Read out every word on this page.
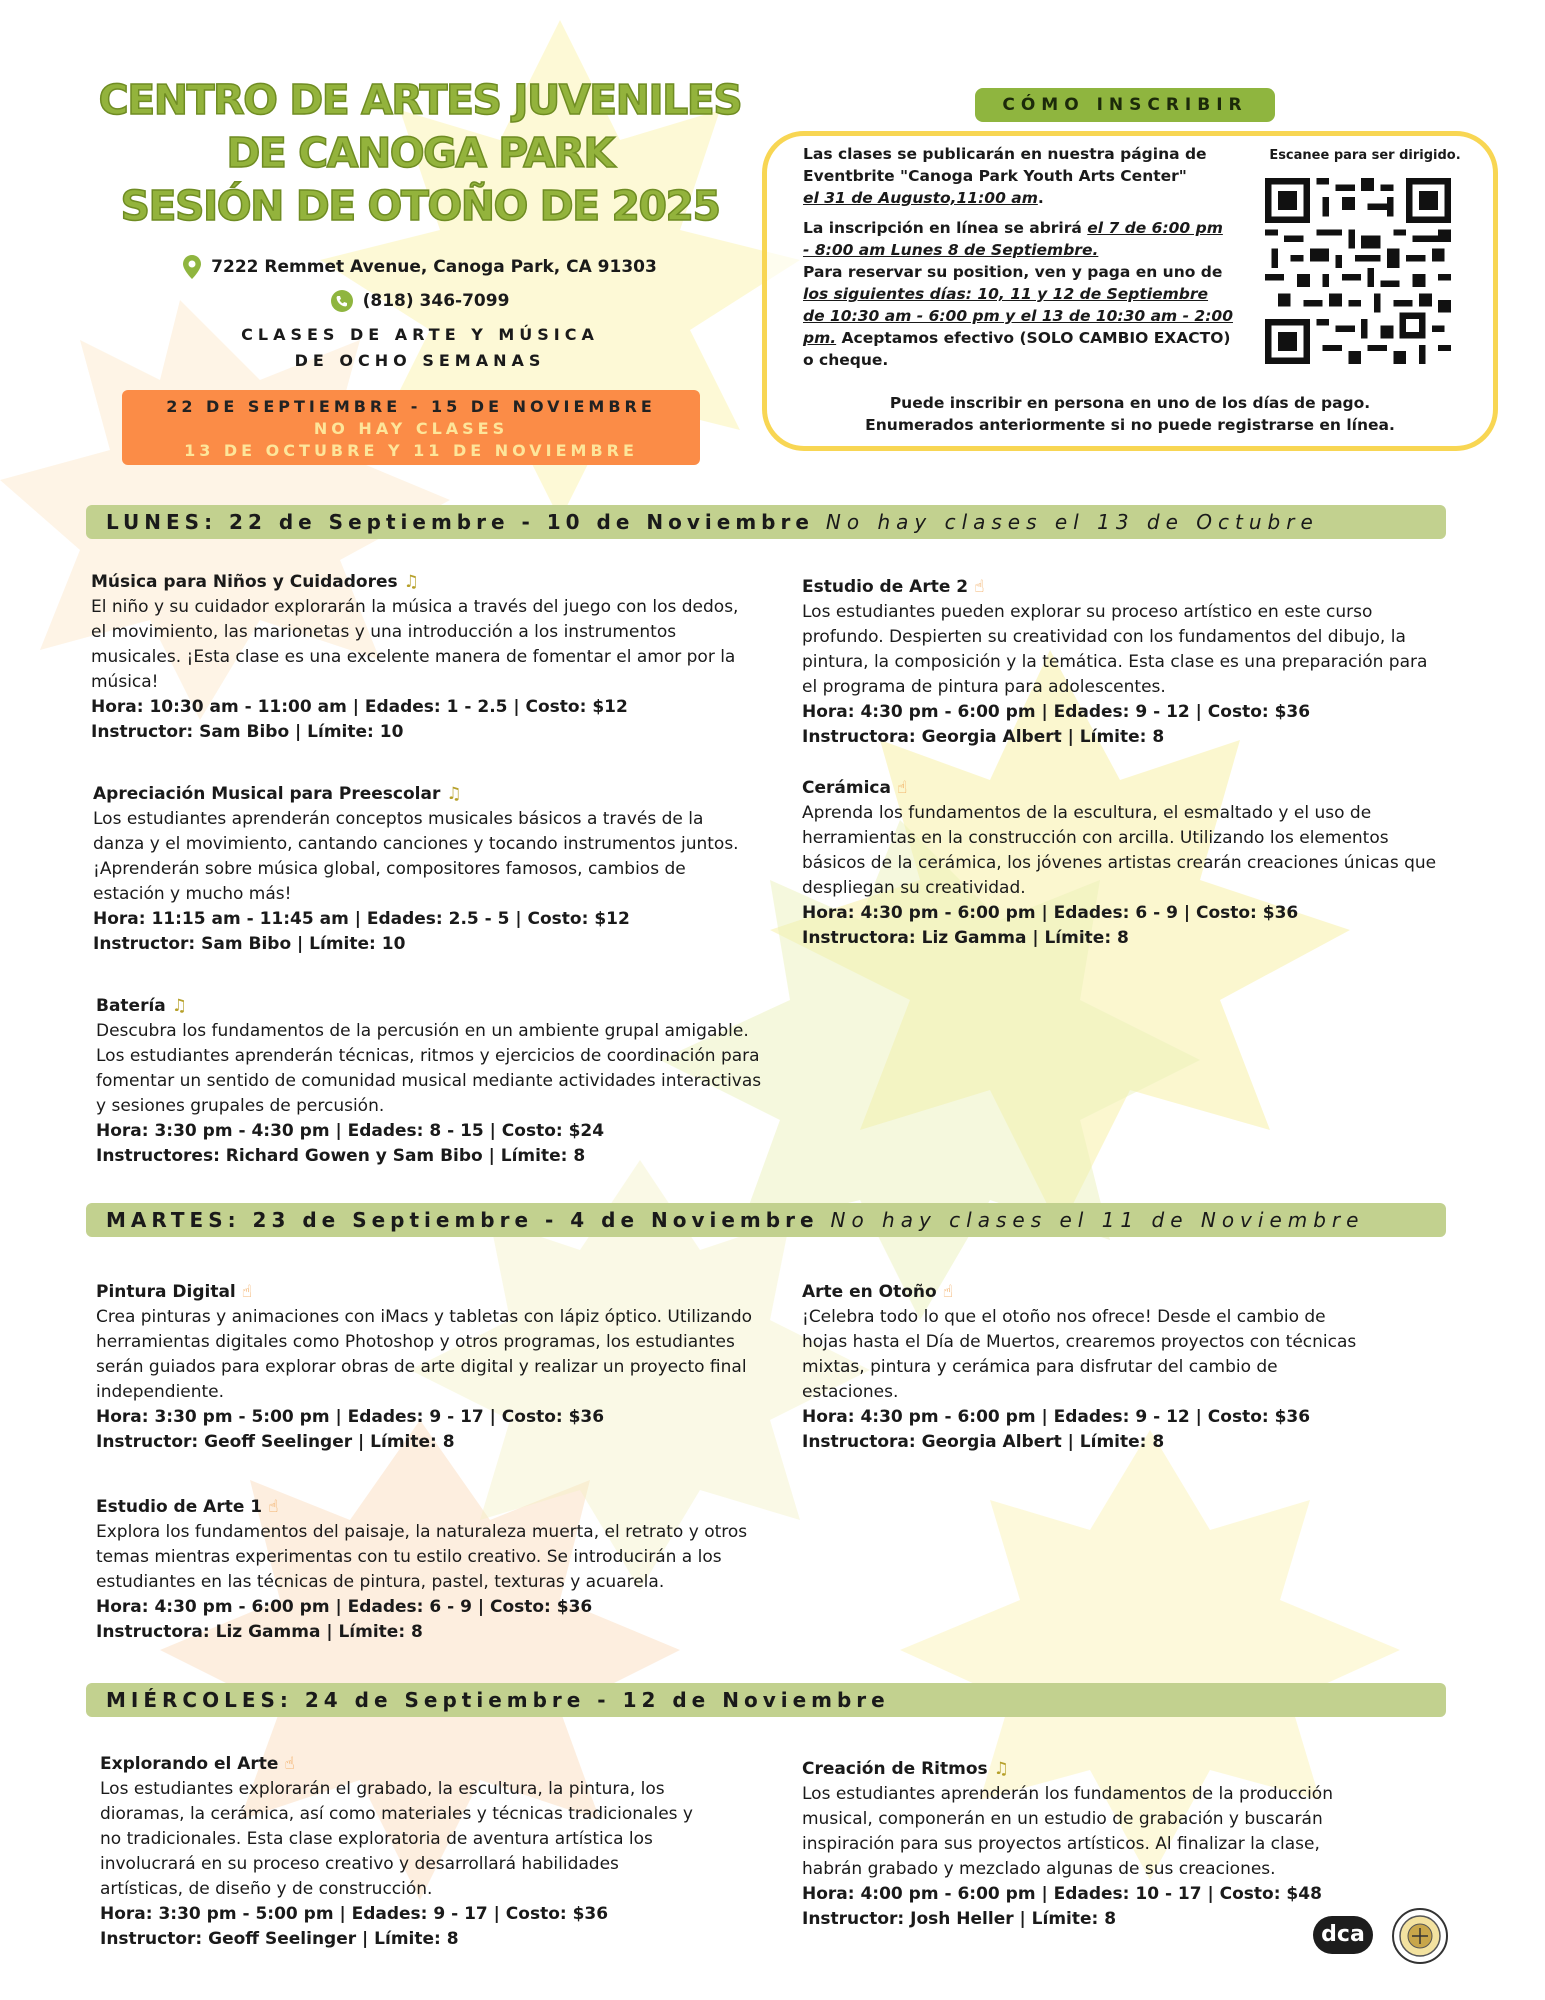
CENTRO DE ARTES JUVENILES
DE CANOGA PARK
SESIÓN DE OTOÑO DE 2025
7222 Remmet Avenue, Canoga Park, CA 91303
(818) 346-7099
CLASES DE ARTE Y MÚSICA
DE OCHO SEMANAS
22 DE SEPTIEMBRE - 15 DE NOVIEMBRE
NO HAY CLASES
13 DE OCTUBRE Y 11 DE NOVIEMBRE
CÓMO INSCRIBIR

Las clases se publicarán en nuestra página de Eventbrite "Canoga Park Youth Arts Center"
el 31 de Augusto,11:00 am.

La inscripción en línea se abrirá el 7 de 6:00 pm - 8:00 am Lunes 8 de Septiembre.
Para reservar su position, ven y paga en uno de los siguientes días: 10, 11 y 12 de Septiembre de 10:30 am - 6:00 pm y el 13 de 10:30 am - 2:00 pm. Aceptamos efectivo (SOLO CAMBIO EXACTO) o cheque.

Escanee para ser dirigido.
Puede inscribir en persona en uno de los días de pago.
Enumerados anteriormente si no puede registrarse en línea.
LUNES: 22 de Septiembre - 10 de Noviembre No hay clases el 13 de Octubre
MARTES: 23 de Septiembre - 4 de Noviembre No hay clases el 11 de Noviembre
MIÉRCOLES: 24 de Septiembre - 12 de Noviembre
Música para Niños y Cuidadores ♫
El niño y su cuidador explorarán la música a través del juego con los dedos, el movimiento, las marionetas y una introducción a los instrumentos musicales. ¡Esta clase es una excelente manera de fomentar el amor por la música!
Hora: 10:30 am - 11:00 am | Edades: 1 - 2.5 | Costo: $12
Instructor: Sam Bibo | Límite: 10
Apreciación Musical para Preescolar ♫
Los estudiantes aprenderán conceptos musicales básicos a través de la danza y el movimiento, cantando canciones y tocando instrumentos juntos. ¡Aprenderán sobre música global, compositores famosos, cambios de estación y mucho más!
Hora: 11:15 am - 11:45 am | Edades: 2.5 - 5 | Costo: $12
Instructor: Sam Bibo | Límite: 10
Batería ♫
Descubra los fundamentos de la percusión en un ambiente grupal amigable. Los estudiantes aprenderán técnicas, ritmos y ejercicios de coordinación para fomentar un sentido de comunidad musical mediante actividades interactivas y sesiones grupales de percusión.
Hora: 3:30 pm - 4:30 pm | Edades: 8 - 15 | Costo: $24
Instructores: Richard Gowen y Sam Bibo | Límite: 8
Estudio de Arte 2 ☝
Los estudiantes pueden explorar su proceso artístico en este curso profundo. Despierten su creatividad con los fundamentos del dibujo, la pintura, la composición y la temática. Esta clase es una preparación para el programa de pintura para adolescentes.
Hora: 4:30 pm - 6:00 pm | Edades: 9 - 12 | Costo: $36
Instructora: Georgia Albert | Límite: 8
Cerámica ☝
Aprenda los fundamentos de la escultura, el esmaltado y el uso de herramientas en la construcción con arcilla. Utilizando los elementos básicos de la cerámica, los jóvenes artistas crearán creaciones únicas que despliegan su creatividad.
Hora: 4:30 pm - 6:00 pm | Edades: 6 - 9 | Costo: $36
Instructora: Liz Gamma | Límite: 8
Pintura Digital ☝
Crea pinturas y animaciones con iMacs y tabletas con lápiz óptico. Utilizando herramientas digitales como Photoshop y otros programas, los estudiantes serán guiados para explorar obras de arte digital y realizar un proyecto final independiente.
Hora: 3:30 pm - 5:00 pm | Edades: 9 - 17 | Costo: $36
Instructor: Geoff Seelinger | Límite: 8
Estudio de Arte 1 ☝
Explora los fundamentos del paisaje, la naturaleza muerta, el retrato y otros temas mientras experimentas con tu estilo creativo. Se introducirán a los estudiantes en las técnicas de pintura, pastel, texturas y acuarela.
Hora: 4:30 pm - 6:00 pm | Edades: 6 - 9 | Costo: $36
Instructora: Liz Gamma | Límite: 8
Arte en Otoño ☝
¡Celebra todo lo que el otoño nos ofrece! Desde el cambio de hojas hasta el Día de Muertos, crearemos proyectos con técnicas mixtas, pintura y cerámica para disfrutar del cambio de estaciones.
Hora: 4:30 pm - 6:00 pm | Edades: 9 - 12 | Costo: $36
Instructora: Georgia Albert | Límite: 8
Explorando el Arte ☝
Los estudiantes explorarán el grabado, la escultura, la pintura, los dioramas, la cerámica, así como materiales y técnicas tradicionales y no tradicionales. Esta clase exploratoria de aventura artística los involucrará en su proceso creativo y desarrollará habilidades artísticas, de diseño y de construcción.
Hora: 3:30 pm - 5:00 pm | Edades: 9 - 17 | Costo: $36
Instructor: Geoff Seelinger | Límite: 8
Creación de Ritmos ♫
Los estudiantes aprenderán los fundamentos de la producción musical, componerán en un estudio de grabación y buscarán inspiración para sus proyectos artísticos. Al finalizar la clase, habrán grabado y mezclado algunas de sus creaciones.
Hora: 4:00 pm - 6:00 pm | Edades: 10 - 17 | Costo: $48
Instructor: Josh Heller | Límite: 8
dca
